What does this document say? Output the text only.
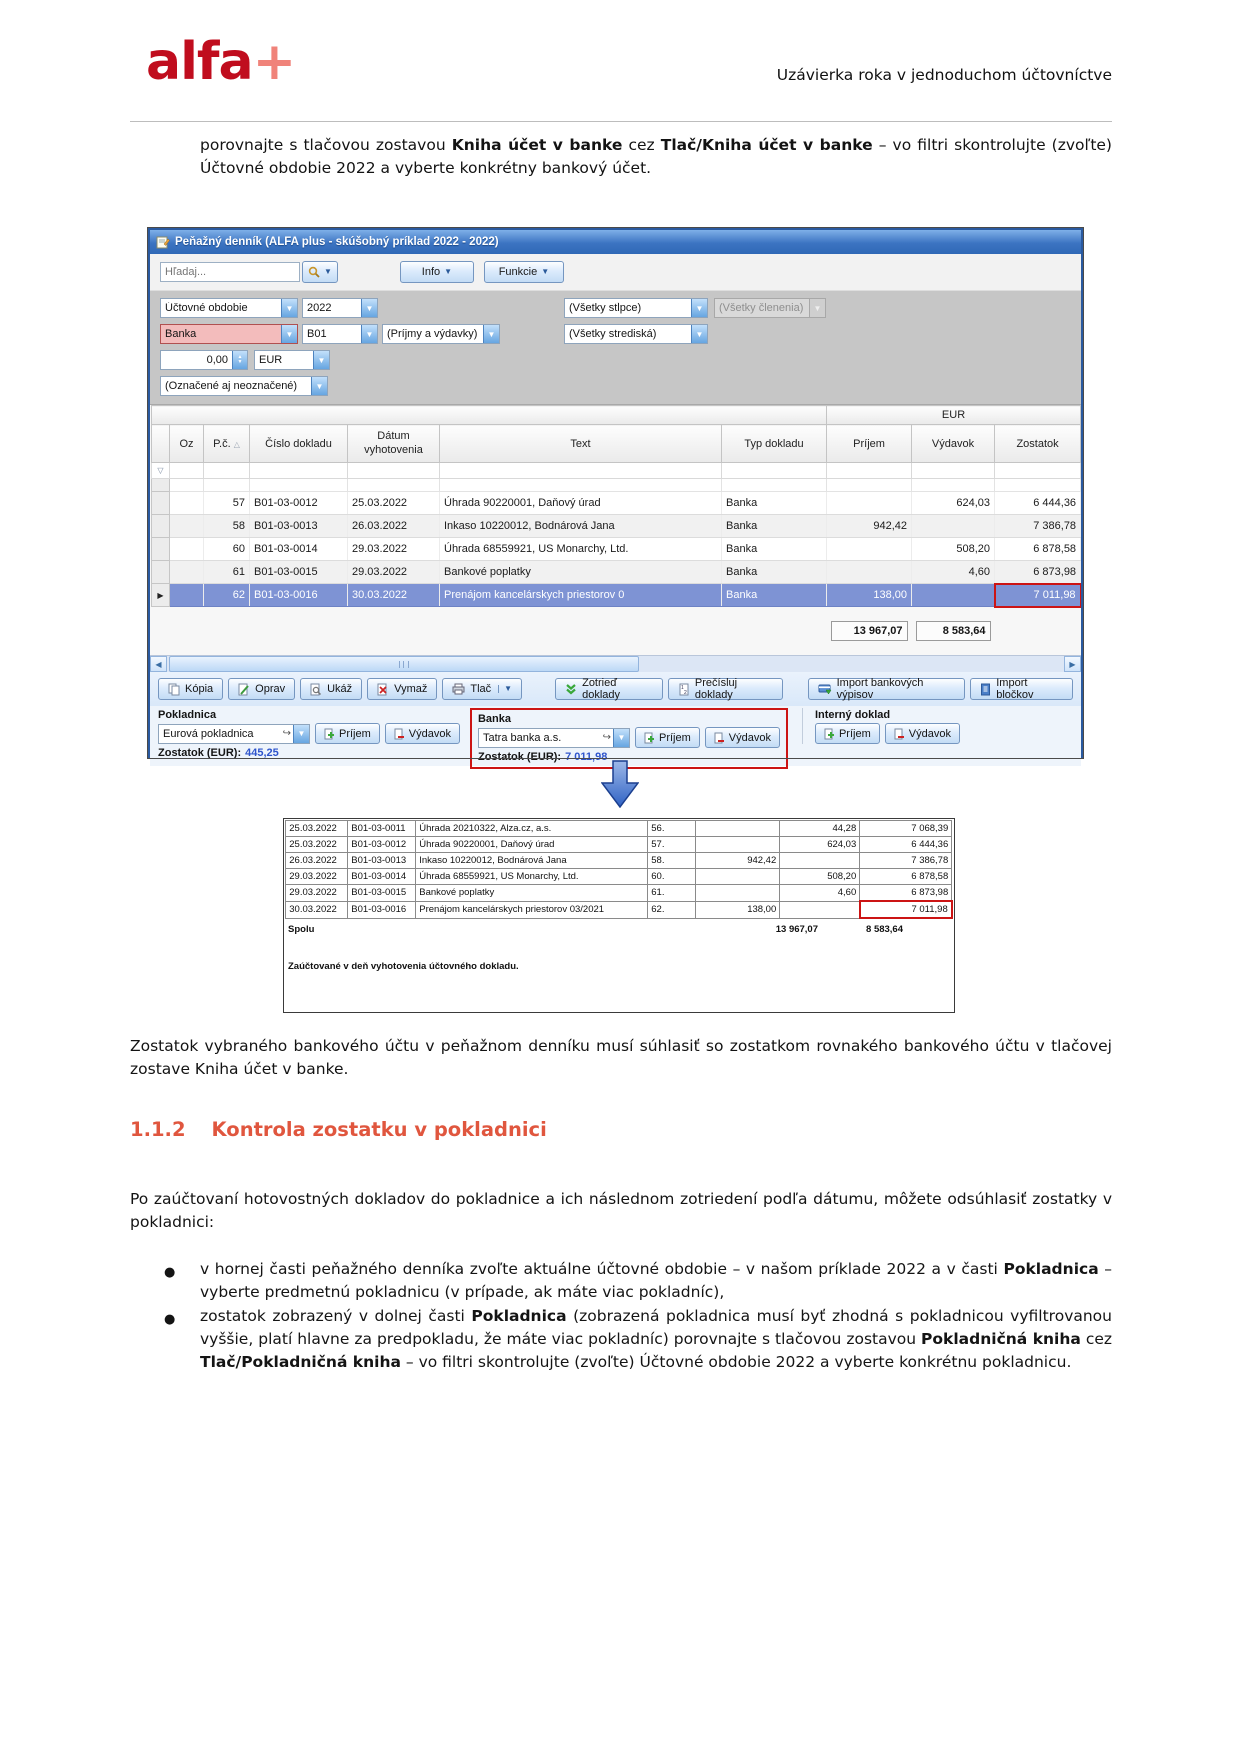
alfa+	Uzávierka roka v jednoduchom účtovníctve
porovnajte s tlačovou zostavou Kniha účet v banke cez Tlač/Kniha účet v banke – vo filtri skontrolujte (zvoľte) Účtovné obdobie 2022 a vyberte konkrétny bankový účet.
Peňažný denník (ALFA plus - skúšobný príklad 2022 - 2022)
Hľadaj...
▼	Info ▼	Funkcie ▼
Účtovné obdobie	▼	2022	▼	(Všetky stĺpce)	▼	(Všetky členenia)	▼
Banka	▼	B01	▼	(Príjmy a výdavky)	▼	(Všetky strediská)	▼
0,00	▲
▼	EUR	▼
(Označené aj neoznačené)	▼
							EUR		
	Oz	P.č. △	Číslo dokladu	Dátum vyhotovenia	Text	Typ dokladu	Príjem	Výdavok	Zostatok
▽									

		57	B01-03-0012	25.03.2022	Úhrada 90220001, Daňový úrad	Banka		624,03	6 444,36
		58	B01-03-0013	26.03.2022	Inkaso 10220012, Bodnárová Jana	Banka	942,42		7 386,78
		60	B01-03-0014	29.03.2022	Úhrada 68559921, US Monarchy, Ltd.	Banka		508,20	6 878,58
		61	B01-03-0015	29.03.2022	Bankové poplatky	Banka		4,60	6 873,98
▶		62	B01-03-0016	30.03.2022	Prenájom kancelárskych priestorov 0	Banka	138,00		7 011,98

							13 967,07	8 583,64	

◀	▶
Kópia	Oprav	Ukáž	Vymaž	Tlač	▼	Zotrieď doklady
1
2
Prečísluj doklady
Import bankových výpisov
Import bločkov
Pokladnica
Eurová pokladnica	↪ ▼	Príjem	Výdavok
Zostatok (EUR): 445,25
Banka
Tatra banka a.s.	↪ ▼	Príjem	Výdavok
Zostatok (EUR): 7 011,98
Interný doklad
Príjem	Výdavok
25.03.2022	B01-03-0011	Úhrada 20210322, Alza.cz, a.s.	56.		44,28	7 068,39
25.03.2022	B01-03-0012	Úhrada 90220001, Daňový úrad	57.		624,03	6 444,36
26.03.2022	B01-03-0013	Inkaso 10220012, Bodnárová Jana	58.	942,42		7 386,78
29.03.2022	B01-03-0014	Úhrada 68559921, US Monarchy, Ltd.	60.		508,20	6 878,58
29.03.2022	B01-03-0015	Bankové poplatky	61.		4,60	6 873,98
30.03.2022	B01-03-0016	Prenájom kancelárskych priestorov 03/2021	62.	138,00		7 011,98
Spolu	13 967,07	8 583,64
Zaúčtované v deň vyhotovenia účtovného dokladu.
Zostatok vybraného bankového účtu v peňažnom denníku musí súhlasiť so zostatkom rovnakého bankového účtu v tlačovej zostave Kniha účet v banke.
1.1.2 Kontrola zostatku v pokladnici
Po zaúčtovaní hotovostných dokladov do pokladnice a ich následnom zotriedení podľa dátumu, môžete odsúhlasiť zostatky v pokladnici:
● v hornej časti peňažného denníka zvoľte aktuálne účtovné obdobie – v našom príklade 2022 a v časti Pokladnica – vyberte predmetnú pokladnicu (v prípade, ak máte viac pokladníc),
● zostatok zobrazený v dolnej časti Pokladnica (zobrazená pokladnica musí byť zhodná s pokladnicou vyfiltrovanou vyššie, platí hlavne za predpokladu, že máte viac pokladníc) porovnajte s tlačovou zostavou Pokladničná kniha cez Tlač/Pokladničná kniha – vo filtri skontrolujte (zvoľte) Účtovné obdobie 2022 a vyberte konkrétnu pokladnicu.
